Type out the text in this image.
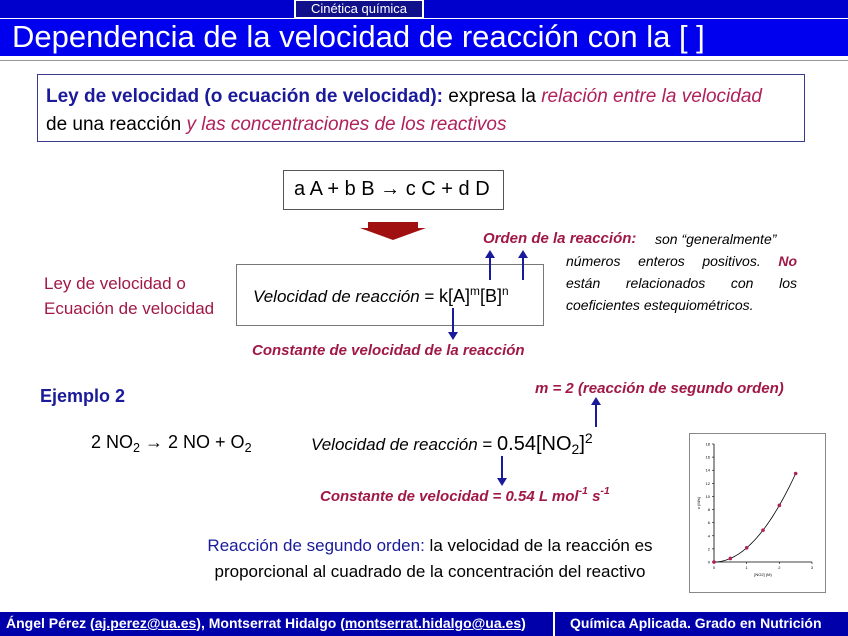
Cinética química
Dependencia de la velocidad de reacción con la [ ]
Ley de velocidad (o ecuación de velocidad): expresa la relación entre la velocidad
de una reacción y las concentraciones de los reactivos
a A + b B → c C + d D
Ley de velocidad o
Ecuación de velocidad
Velocidad de reacción = $k[A]^m[B]^n$
Orden de la reacción: son “generalmente”
números enteros positivos. No
están relacionados con los
coeficientes estequiométricos.
Constante de velocidad de la reacción
Ejemplo 2	m = 2 (reacción de segundo orden)
2 $NO_2 \to 2$ NO + $O_2$	Velocidad de reacción = $0.54[NO_2]^2$
Constante de velocidad = 0.54 L mol$^{-1}$ $s^{-1}$
Reacción de segundo orden: la velocidad de la reacción es
proporcional al cuadrado de la concentración del reactivo	0
2
4
6
8
10
12
14
16
18
0	1	2	3
[NO2] (M)
v (M/s)
Ángel Pérez (aj.perez@ua.es), Montserrat Hidalgo (montserrat.hidalgo@ua.es)	Química Aplicada. Grado en Nutrición
